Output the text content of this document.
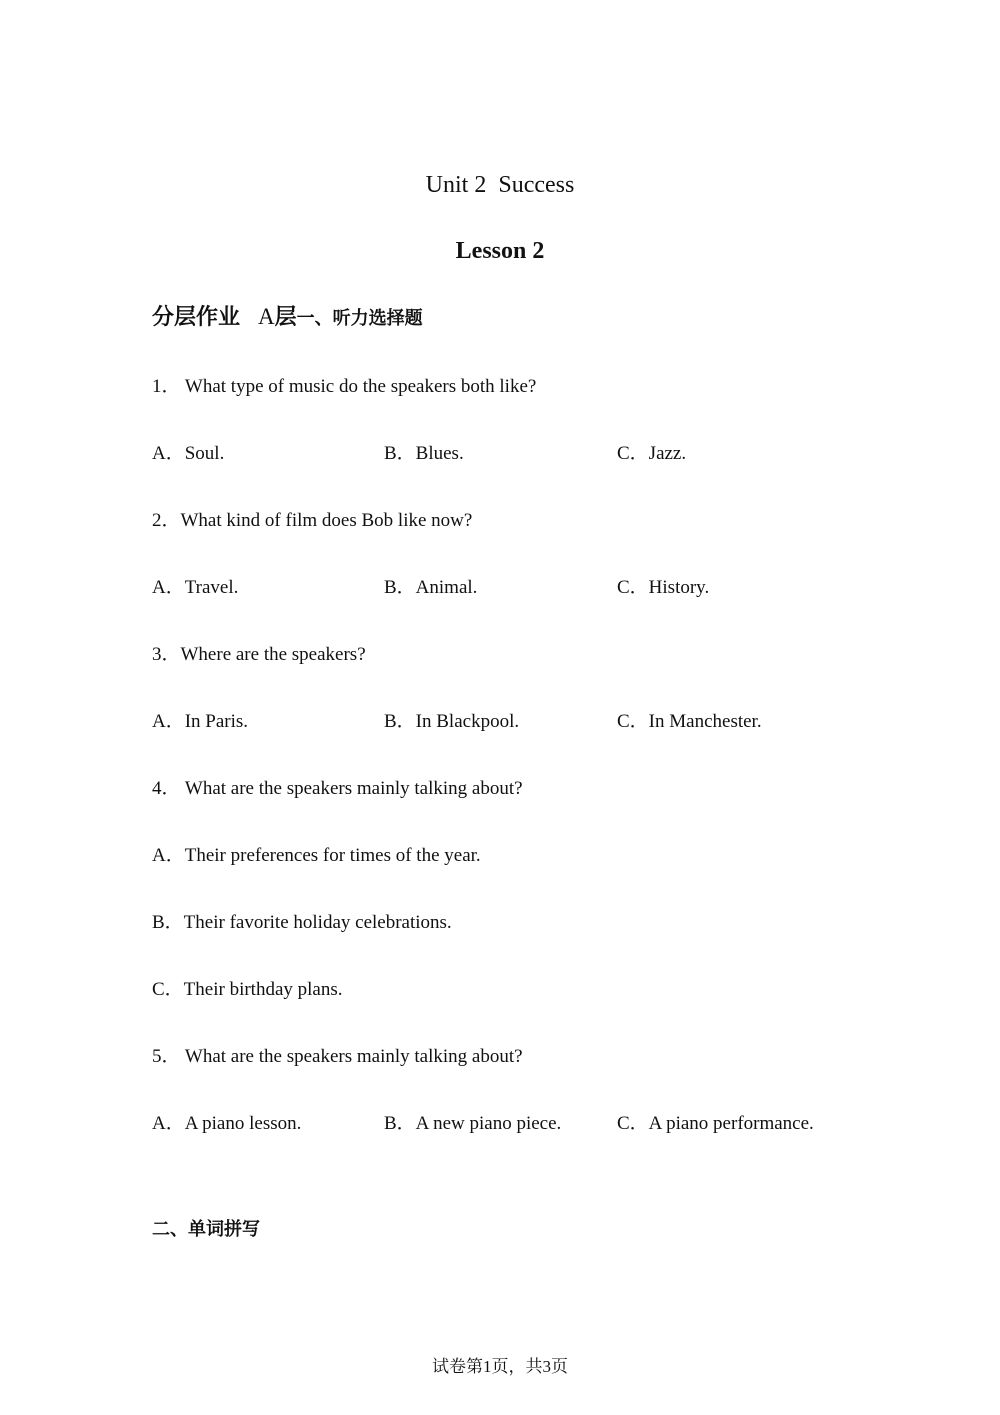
Unit 2 Success
Lesson 2
分层作业 A层一、听力选择题
1． What type of music do the speakers both like?
A．Soul.	B．Blues.	C．Jazz.
2．What kind of film does Bob like now?
A．Travel.	B．Animal.	C．History.
3．Where are the speakers?
A．In Paris.	B．In Blackpool.	C．In Manchester.
4． What are the speakers mainly talking about?
A．Their preferences for times of the year.
B．Their favorite holiday celebrations.
C．Their birthday plans.
5． What are the speakers mainly talking about?
A．A piano lesson.	B．A new piano piece.	C．A piano performance.
二、单词拼写
试卷第1页，共3页
